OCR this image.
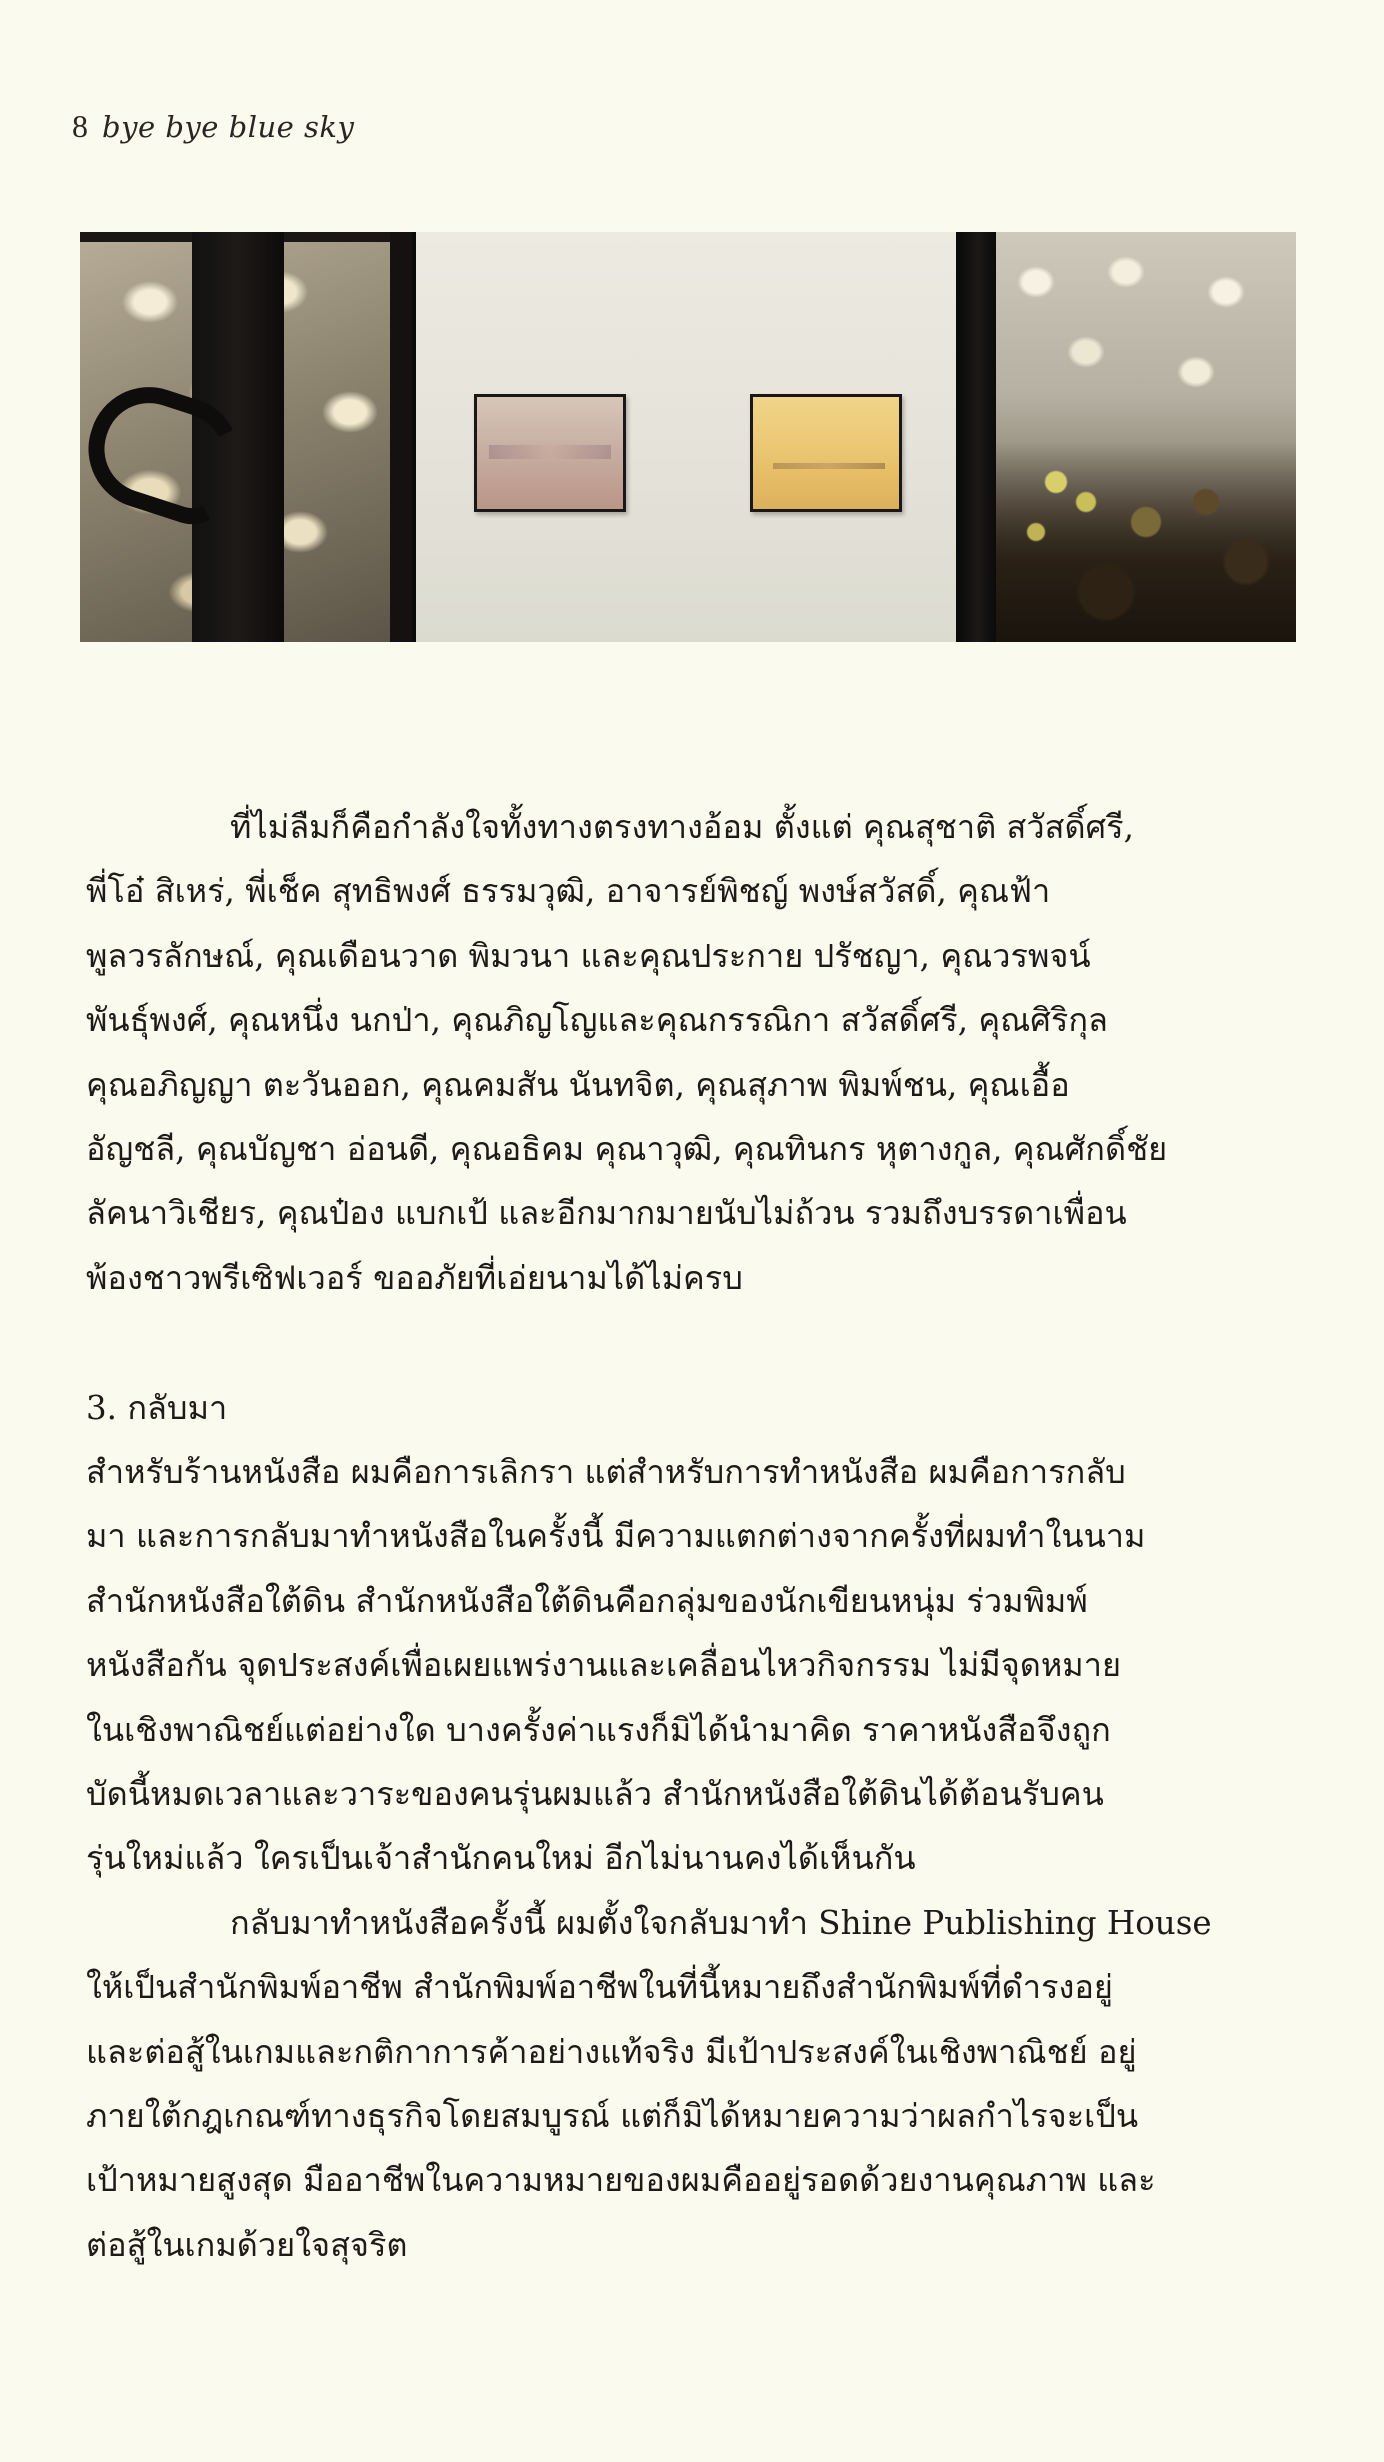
8 bye bye blue sky
ที่ไม่ลืมก็คือกำลังใจทั้งทางตรงทางอ้อม ตั้งแต่ คุณสุชาติ สวัสดิ์ศรี,
พี่โอ๋ สิเหร่, พี่เช็ค สุทธิพงศ์ ธรรมวุฒิ, อาจารย์พิชญ์ พงษ์สวัสดิ์, คุณฟ้า
พูลวรลักษณ์, คุณเดือนวาด พิมวนา และคุณประกาย ปรัชญา, คุณวรพจน์
พันธุ์พงศ์, คุณหนึ่ง นกป่า, คุณภิญโญและคุณกรรณิกา สวัสดิ์ศรี, คุณศิริกุล
คุณอภิญญา ตะวันออก, คุณคมสัน นันทจิต, คุณสุภาพ พิมพ์ชน, คุณเอื้อ
อัญชลี, คุณบัญชา อ่อนดี, คุณอธิคม คุณาวุฒิ, คุณทินกร หุตางกูล, คุณศักดิ์ชัย
ลัคนาวิเชียร, คุณป๋อง แบกเป้ และอีกมากมายนับไม่ถ้วน รวมถึงบรรดาเพื่อน
พ้องชาวพรีเซิฟเวอร์ ขออภัยที่เอ่ยนามได้ไม่ครบ
3. กลับมา
สำหรับร้านหนังสือ ผมคือการเลิกรา แต่สำหรับการทำหนังสือ ผมคือการกลับ
มา และการกลับมาทำหนังสือในครั้งนี้ มีความแตกต่างจากครั้งที่ผมทำในนาม
สำนักหนังสือใต้ดิน สำนักหนังสือใต้ดินคือกลุ่มของนักเขียนหนุ่ม ร่วมพิมพ์
หนังสือกัน จุดประสงค์เพื่อเผยแพร่งานและเคลื่อนไหวกิจกรรม ไม่มีจุดหมาย
ในเชิงพาณิชย์แต่อย่างใด บางครั้งค่าแรงก็มิได้นำมาคิด ราคาหนังสือจึงถูก
บัดนี้หมดเวลาและวาระของคนรุ่นผมแล้ว สำนักหนังสือใต้ดินได้ต้อนรับคน
รุ่นใหม่แล้ว ใครเป็นเจ้าสำนักคนใหม่ อีกไม่นานคงได้เห็นกัน
กลับมาทำหนังสือครั้งนี้ ผมตั้งใจกลับมาทำ Shine Publishing House
ให้เป็นสำนักพิมพ์อาชีพ สำนักพิมพ์อาชีพในที่นี้หมายถึงสำนักพิมพ์ที่ดำรงอยู่
และต่อสู้ในเกมและกติกาการค้าอย่างแท้จริง มีเป้าประสงค์ในเชิงพาณิชย์ อยู่
ภายใต้กฎเกณฑ์ทางธุรกิจโดยสมบูรณ์ แต่ก็มิได้หมายความว่าผลกำไรจะเป็น
เป้าหมายสูงสุด มืออาชีพในความหมายของผมคืออยู่รอดด้วยงานคุณภาพ และ
ต่อสู้ในเกมด้วยใจสุจริต
